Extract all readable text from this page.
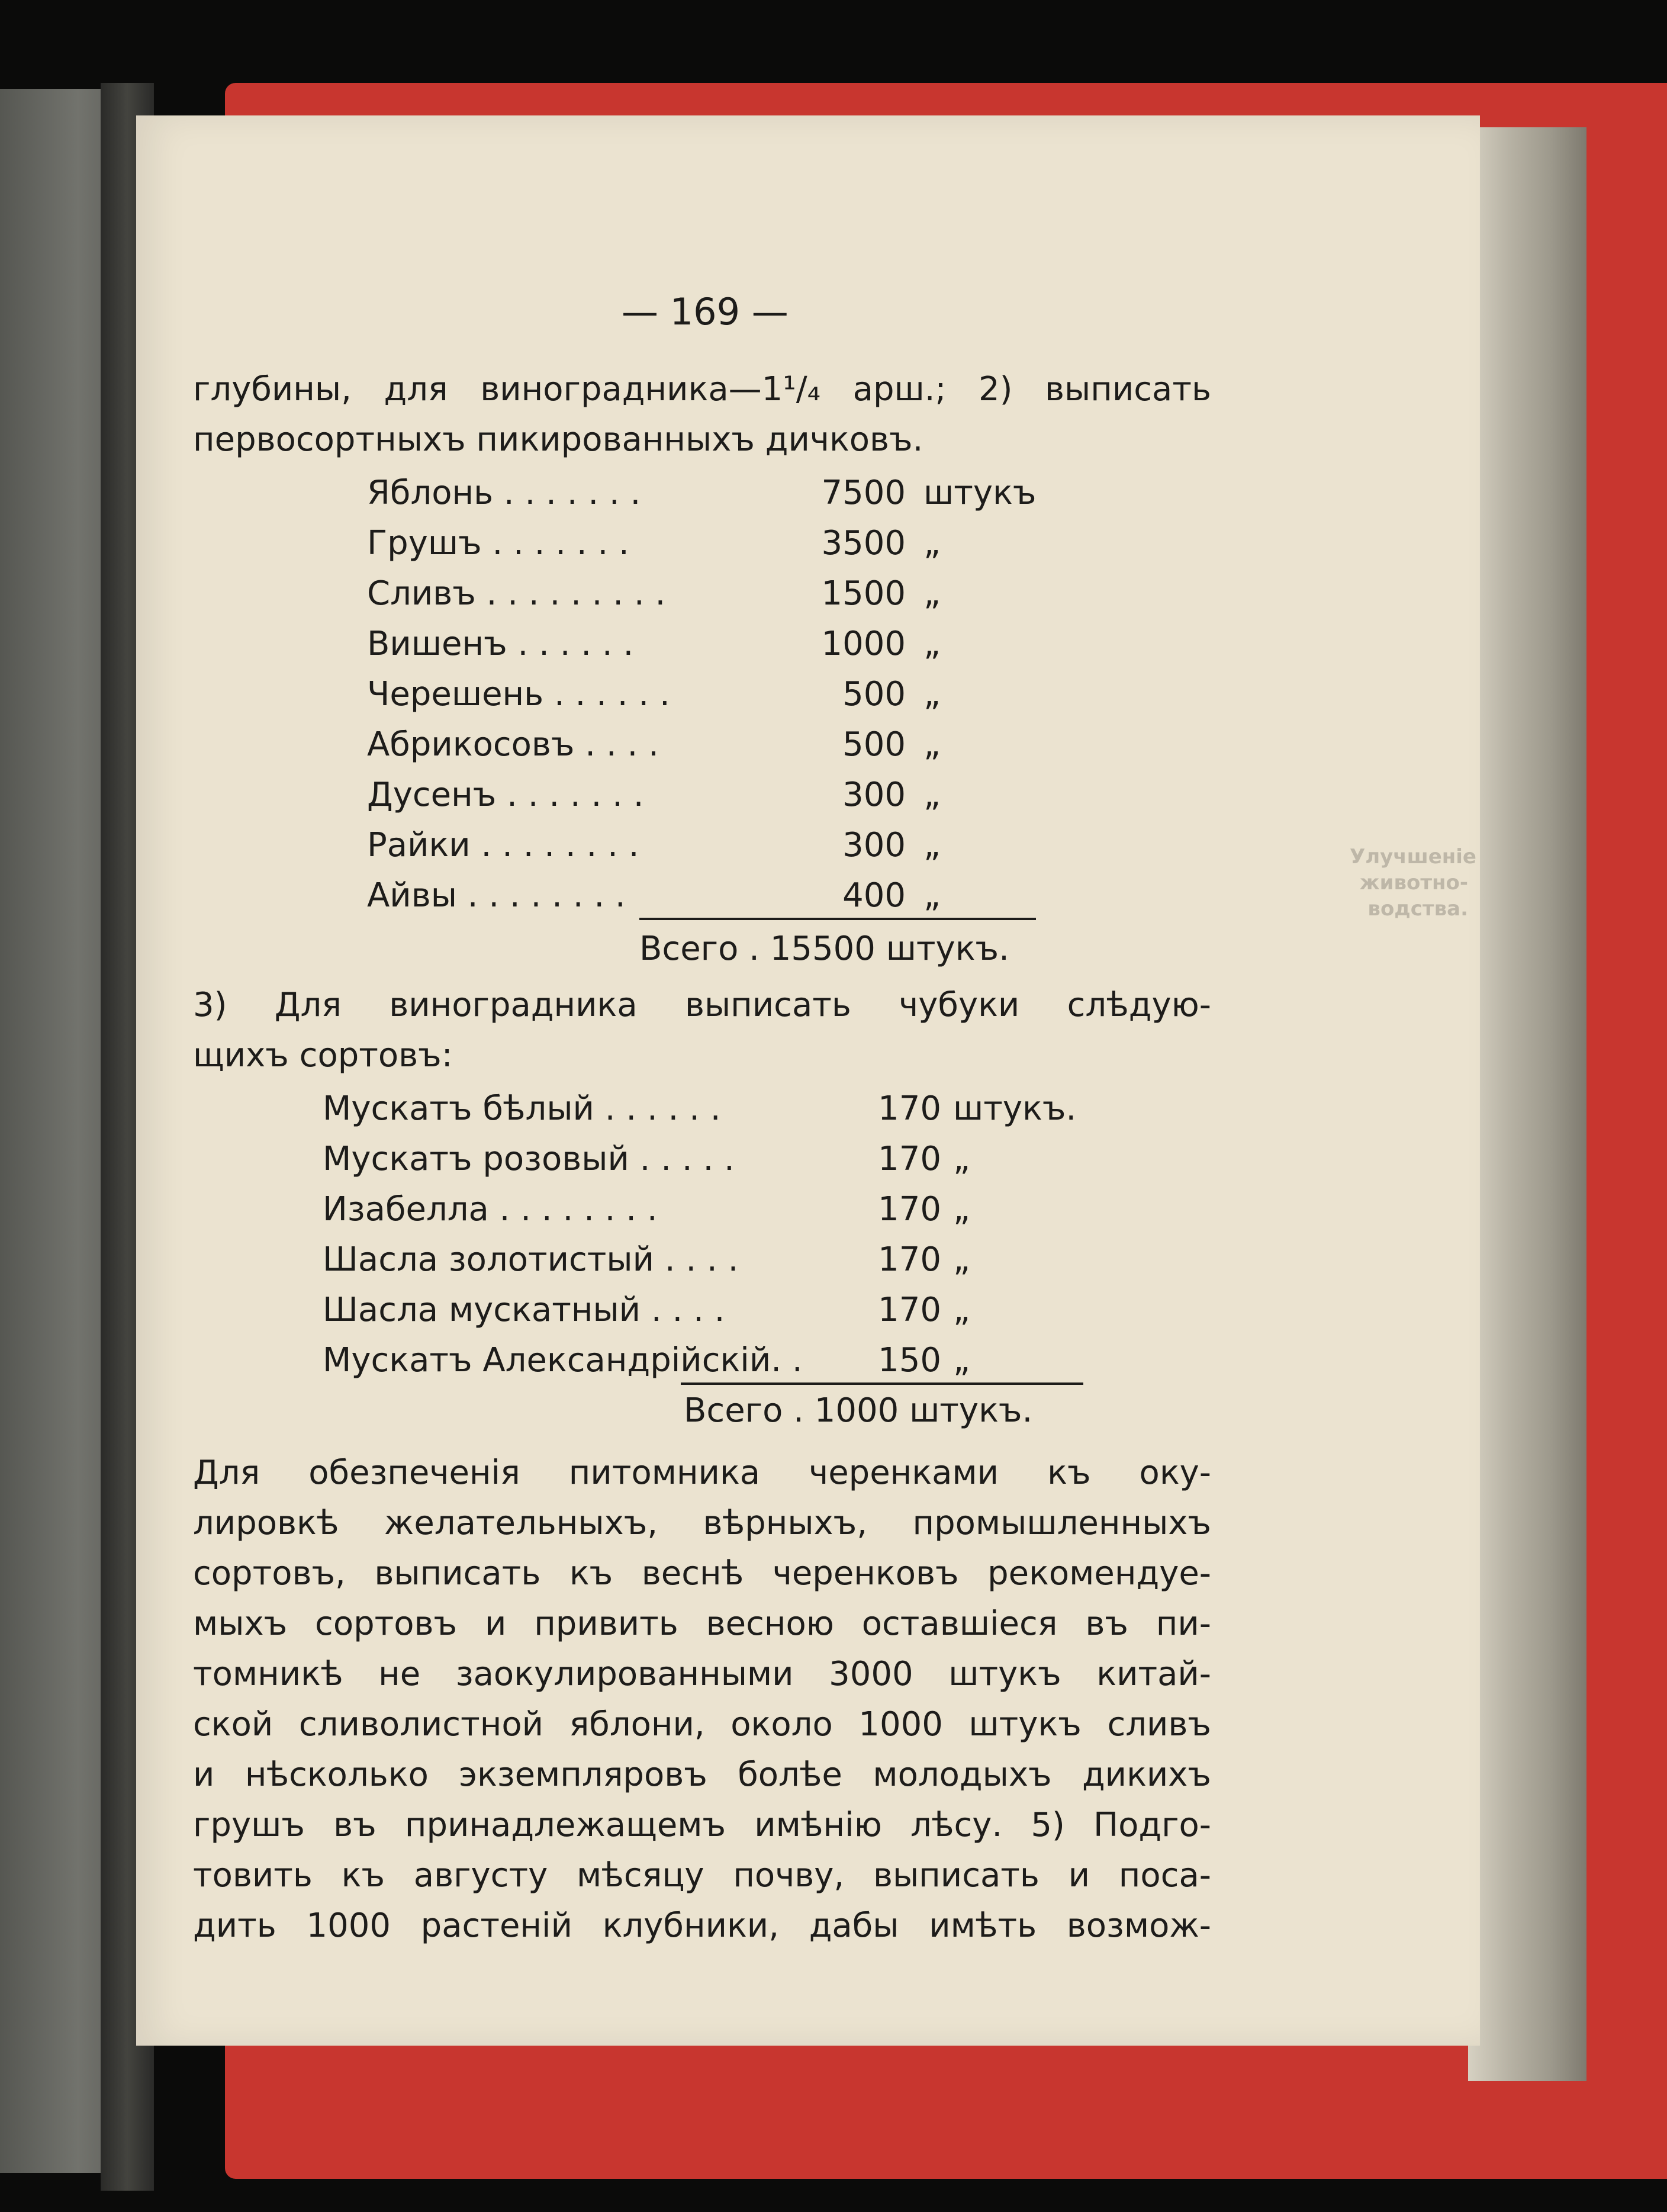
Улучшеніе
животно-
водства.
— 169 —
глубины, для виноградника—1¹/₄ арш.; 2) выписать
первосортныхъ пикированныхъ дичковъ.
Яблонь . . . . . . .	7500 штукъ
Грушъ . . . . . . .	3500 „
Сливъ . . . . . . . . .	1500 „
Вишенъ . . . . . .	1000 „
Черешень . . . . . .	500 „
Абрикосовъ . . . .	500 „
Дусенъ . . . . . . .	300 „
Райки . . . . . . . .	300 „
Айвы . . . . . . . .	400 „
Всего . 15500 штукъ.
3) Для виноградника выписать чубуки слѣдую-
щихъ сортовъ:
Мускатъ бѣлый . . . . . .	170 штукъ.
Мускатъ розовый . . . . .	170 „
Изабелла . . . . . . . .	170 „
Шасла золотистый . . . .	170 „
Шасла мускатный . . . .	170 „
Мускатъ Александрійскій. .	150 „
Всего . 1000 штукъ.
Для обезпеченія питомника черенками къ оку-
лировкѣ желательныхъ, вѣрныхъ, промышленныхъ
сортовъ, выписать къ веснѣ черенковъ рекомендуе-
мыхъ сортовъ и привить весною оставшіеся въ пи-
томникѣ не заокулированными 3000 штукъ китай-
ской сливолистной яблони, около 1000 штукъ сливъ
и нѣсколько экземпляровъ болѣе молодыхъ дикихъ
грушъ въ принадлежащемъ имѣнію лѣсу. 5) Подго-
товить къ августу мѣсяцу почву, выписать и поса-
дить 1000 растеній клубники, дабы имѣть возмож-
